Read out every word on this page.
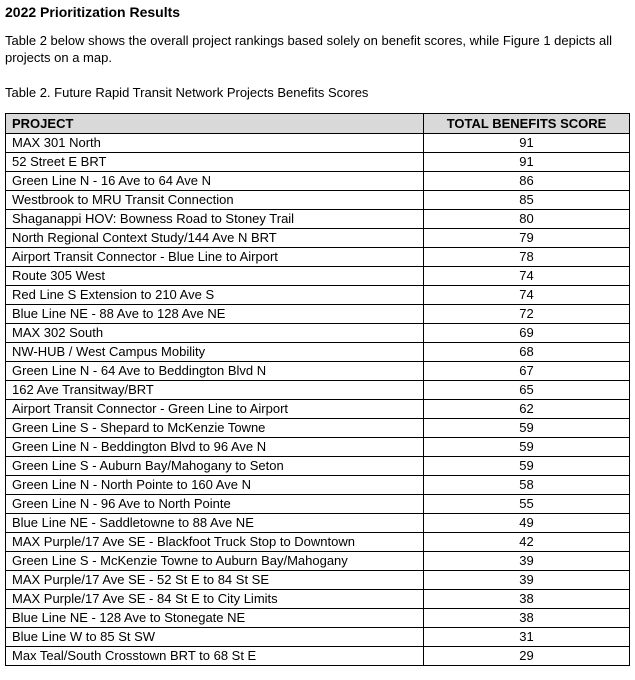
2022 Prioritization Results
Table 2 below shows the overall project rankings based solely on benefit scores, while Figure 1 depicts all projects on a map.
Table 2. Future Rapid Transit Network Projects Benefits Scores
PROJECT	TOTAL BENEFITS SCORE
MAX 301 North	91
52 Street E BRT	91
Green Line N - 16 Ave to 64 Ave N	86
Westbrook to MRU Transit Connection	85
Shaganappi HOV: Bowness Road to Stoney Trail	80
North Regional Context Study/144 Ave N BRT	79
Airport Transit Connector - Blue Line to Airport	78
Route 305 West	74
Red Line S Extension to 210 Ave S	74
Blue Line NE - 88 Ave to 128 Ave NE	72
MAX 302 South	69
NW-HUB / West Campus Mobility	68
Green Line N - 64 Ave to Beddington Blvd N	67
162 Ave Transitway/BRT	65
Airport Transit Connector - Green Line to Airport	62
Green Line S - Shepard to McKenzie Towne	59
Green Line N - Beddington Blvd to 96 Ave N	59
Green Line S - Auburn Bay/Mahogany to Seton	59
Green Line N - North Pointe to 160 Ave N	58
Green Line N - 96 Ave to North Pointe	55
Blue Line NE - Saddletowne to 88 Ave NE	49
MAX Purple/17 Ave SE - Blackfoot Truck Stop to Downtown	42
Green Line S - McKenzie Towne to Auburn Bay/Mahogany	39
MAX Purple/17 Ave SE - 52 St E to 84 St SE	39
MAX Purple/17 Ave SE - 84 St E to City Limits	38
Blue Line NE - 128 Ave to Stonegate NE	38
Blue Line W to 85 St SW	31
Max Teal/South Crosstown BRT to 68 St E	29
